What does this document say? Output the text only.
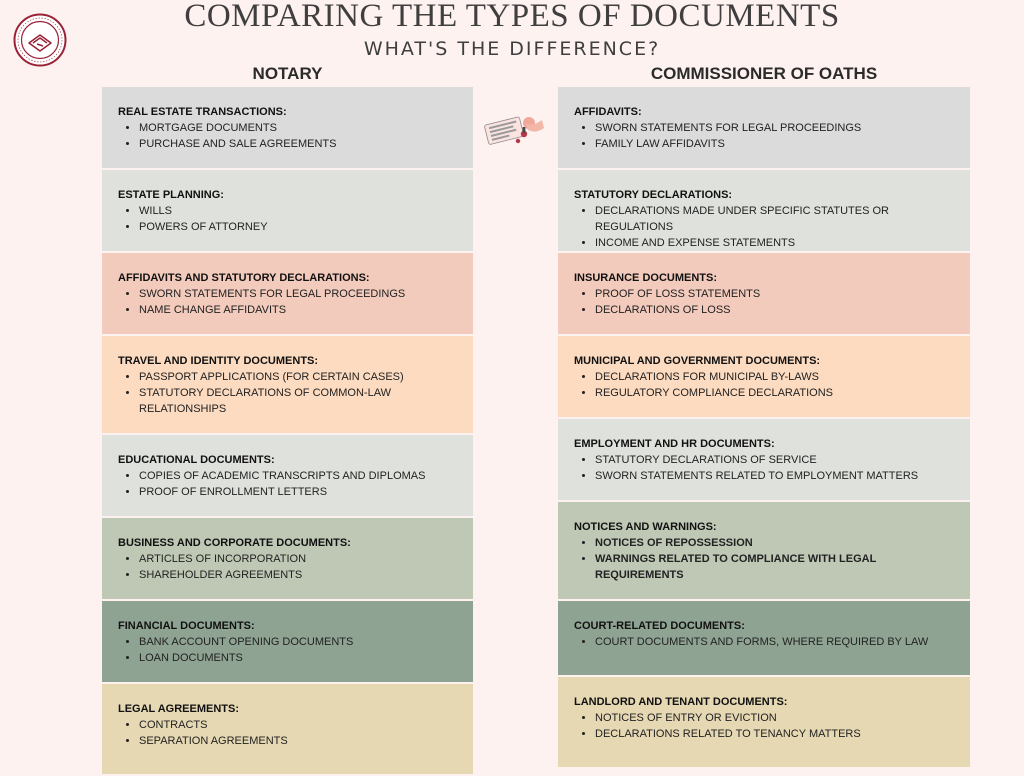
COMPARING THE TYPES OF DOCUMENTS
WHAT'S THE DIFFERENCE?
NOTARY	COMMISSIONER OF OATHS
REAL ESTATE TRANSACTIONS:
• MORTGAGE DOCUMENTS
• PURCHASE AND SALE AGREEMENTS
ESTATE PLANNING:
• WILLS
• POWERS OF ATTORNEY
AFFIDAVITS AND STATUTORY DECLARATIONS:
• SWORN STATEMENTS FOR LEGAL PROCEEDINGS
• NAME CHANGE AFFIDAVITS
TRAVEL AND IDENTITY DOCUMENTS:
• PASSPORT APPLICATIONS (FOR CERTAIN CASES)
• STATUTORY DECLARATIONS OF COMMON-LAW RELATIONSHIPS
EDUCATIONAL DOCUMENTS:
• COPIES OF ACADEMIC TRANSCRIPTS AND DIPLOMAS
• PROOF OF ENROLLMENT LETTERS
BUSINESS AND CORPORATE DOCUMENTS:
• ARTICLES OF INCORPORATION
• SHAREHOLDER AGREEMENTS
FINANCIAL DOCUMENTS:
• BANK ACCOUNT OPENING DOCUMENTS
• LOAN DOCUMENTS
LEGAL AGREEMENTS:
• CONTRACTS
• SEPARATION AGREEMENTS
AFFIDAVITS:
• SWORN STATEMENTS FOR LEGAL PROCEEDINGS
• FAMILY LAW AFFIDAVITS
STATUTORY DECLARATIONS:
• DECLARATIONS MADE UNDER SPECIFIC STATUTES OR REGULATIONS
• INCOME AND EXPENSE STATEMENTS
INSURANCE DOCUMENTS:
• PROOF OF LOSS STATEMENTS
• DECLARATIONS OF LOSS
MUNICIPAL AND GOVERNMENT DOCUMENTS:
• DECLARATIONS FOR MUNICIPAL BY-LAWS
• REGULATORY COMPLIANCE DECLARATIONS
EMPLOYMENT AND HR DOCUMENTS:
• STATUTORY DECLARATIONS OF SERVICE
• SWORN STATEMENTS RELATED TO EMPLOYMENT MATTERS
NOTICES AND WARNINGS:
• NOTICES OF REPOSSESSION
• WARNINGS RELATED TO COMPLIANCE WITH LEGAL REQUIREMENTS
COURT-RELATED DOCUMENTS:
• COURT DOCUMENTS AND FORMS, WHERE REQUIRED BY LAW
LANDLORD AND TENANT DOCUMENTS:
• NOTICES OF ENTRY OR EVICTION
• DECLARATIONS RELATED TO TENANCY MATTERS
